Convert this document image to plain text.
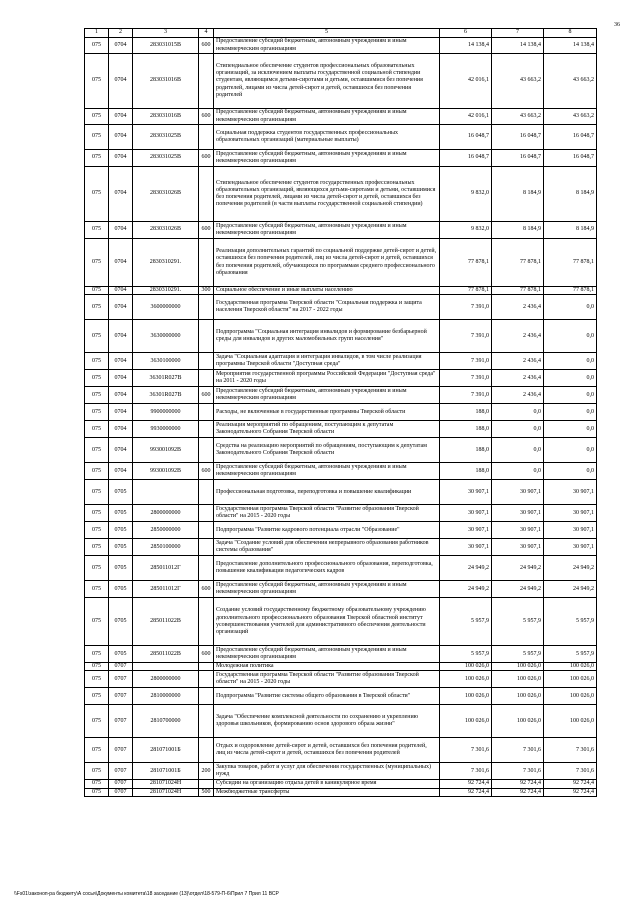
36
1	2	3	4	5	6	7	8
075	0704	283031015В	600	Предоставление субсидий бюджетным, автономным учреждениям и иным некоммерческим организациям	14 138,4	14 138,4	14 138,4
075	0704	283031016В		Стипендиальное обеспечение студентов профессиональных образовательных организаций, за исключением выплаты государственной социальной стипендии студентам, являющимся детьми-сиротами и детьми, оставшимися без попечения родителей, лицами из числа детей-сирот и детей, оставшихся без попечения родителей	42 016,1	43 663,2	43 663,2
075	0704	283031016В	600	Предоставление субсидий бюджетным, автономным учреждениям и иным некоммерческим организациям	42 016,1	43 663,2	43 663,2
075	0704	283031025В		Социальная поддержка студентов государственных профессиональных образовательных организаций (материальные выплаты)	16 048,7	16 048,7	16 048,7
075	0704	283031025В	600	Предоставление субсидий бюджетным, автономным учреждениям и иным некоммерческим организациям	16 048,7	16 048,7	16 048,7
075	0704	283031026В		Стипендиальное обеспечение студентов государственных профессиональных образовательных организаций, являющихся детьми-сиротами и детьми, оставшимися без попечения родителей, лицами из числа детей-сирот и детей, оставшихся без попечения родителей (в части выплаты государственной социальной стипендии)	9 832,0	8 184,9	8 184,9
075	0704	283031026В	600	Предоставление субсидий бюджетным, автономным учреждениям и иным некоммерческим организациям	9 832,0	8 184,9	8 184,9
075	0704	2830310291.		Реализация дополнительных гарантий по социальной поддержке детей-сирот и детей, оставшихся без попечения родителей, лиц из числа детей-сирот и детей, оставшихся без попечения родителей, обучающихся по программам среднего профессионального образования	77 878,1	77 878,1	77 878,1
075	0704	2830310291.	300	Социальное обеспечение и иные выплаты населению	77 878,1	77 878,1	77 878,1
075	0704	3600000000		Государственная программа Тверской области "Социальная поддержка и защита населения Тверской области" на 2017 - 2022 годы	7 391,0	2 436,4	0,0
075	0704	3630000000		Подпрограмма "Социальная интеграция инвалидов и формирование безбарьерной среды для инвалидов и других маломобильных групп населения"	7 391,0	2 436,4	0,0
075	0704	3630100000		Задача "Социальная адаптация и интеграция инвалидов, в том числе реализация программы Тверской области "Доступная среда"	7 391,0	2 436,4	0,0
075	0704	36301R027В		Мероприятия государственной программы Российской Федерации "Доступная среда" на 2011 - 2020 годы	7 391,0	2 436,4	0,0
075	0704	36301R027В	600	Предоставление субсидий бюджетным, автономным учреждениям и иным некоммерческим организациям	7 391,0	2 436,4	0,0
075	0704	9900000000		Расходы, не включенные в государственные программы Тверской области	188,0	0,0	0,0
075	0704	9930000000		Реализация мероприятий по обращениям, поступающим к депутатам Законодательного Собрания Тверской области	188,0	0,0	0,0
075	0704	993001092В		Средства на реализацию мероприятий по обращениям, поступающим к депутатам Законодательного Собрания Тверской области	188,0	0,0	0,0
075	0704	993001092В	600	Предоставление субсидий бюджетным, автономным учреждениям и иным некоммерческим организациям	188,0	0,0	0,0
075	0705			Профессиональная подготовка, переподготовка и повышение квалификации	30 907,1	30 907,1	30 907,1
075	0705	2800000000		Государственная программа Тверской области "Развитие образования Тверской области" на 2015 - 2020 годы	30 907,1	30 907,1	30 907,1
075	0705	2850000000		Подпрограмма "Развитие кадрового потенциала отрасли "Образование"	30 907,1	30 907,1	30 907,1
075	0705	2850100000		Задача "Создание условий для обеспечения непрерывного образования работников системы образования"	30 907,1	30 907,1	30 907,1
075	0705	285011012Г		Предоставление дополнительного профессионального образования, переподготовка, повышение квалификации педагогических кадров	24 949,2	24 949,2	24 949,2
075	0705	285011012Г	600	Предоставление субсидий бюджетным, автономным учреждениям и иным некоммерческим организациям	24 949,2	24 949,2	24 949,2
075	0705	285011022В		Создание условий государственному бюджетному образовательному учреждению дополнительного профессионального образования Тверской областной институт усовершенствования учителей для административного обеспечения деятельности организаций	5 957,9	5 957,9	5 957,9
075	0705	285011022В	600	Предоставление субсидий бюджетным, автономным учреждениям и иным некоммерческим организациям	5 957,9	5 957,9	5 957,9
075	0707			Молодежная политика	100 026,0	100 026,0	100 026,0
075	0707	2800000000		Государственная программа Тверской области "Развитие образования Тверской области" на 2015 - 2020 годы	100 026,0	100 026,0	100 026,0
075	0707	2810000000		Подпрограмма "Развитие системы общего образования в Тверской области"	100 026,0	100 026,0	100 026,0
075	0707	2810700000		Задача "Обеспечение комплексной деятельности по сохранению и укреплению здоровья школьников, формированию основ здорового образа жизни"	100 026,0	100 026,0	100 026,0
075	0707	281071001Б		Отдых и оздоровление детей-сирот и детей, оставшихся без попечения родителей, лиц из числа детей-сирот и детей, оставшихся без попечения родителей	7 301,6	7 301,6	7 301,6
075	0707	281071001Б	200	Закупка товаров, работ и услуг для обеспечения государственных (муниципальных) нужд	7 301,6	7 301,6	7 301,6
075	0707	281071024Н		Субсидии на организацию отдыха детей в каникулярное время	92 724,4	92 724,4	92 724,4
075	0707	281071024Н	500	Межбюджетные трансферты	92 724,4	92 724,4	92 724,4
\\Fs01\законоп-ра бюджету\А сосья\Документы комитета\18 заседание (13)\отдел\18-579-П-6\Прил 7 Прил 11 ВСР
